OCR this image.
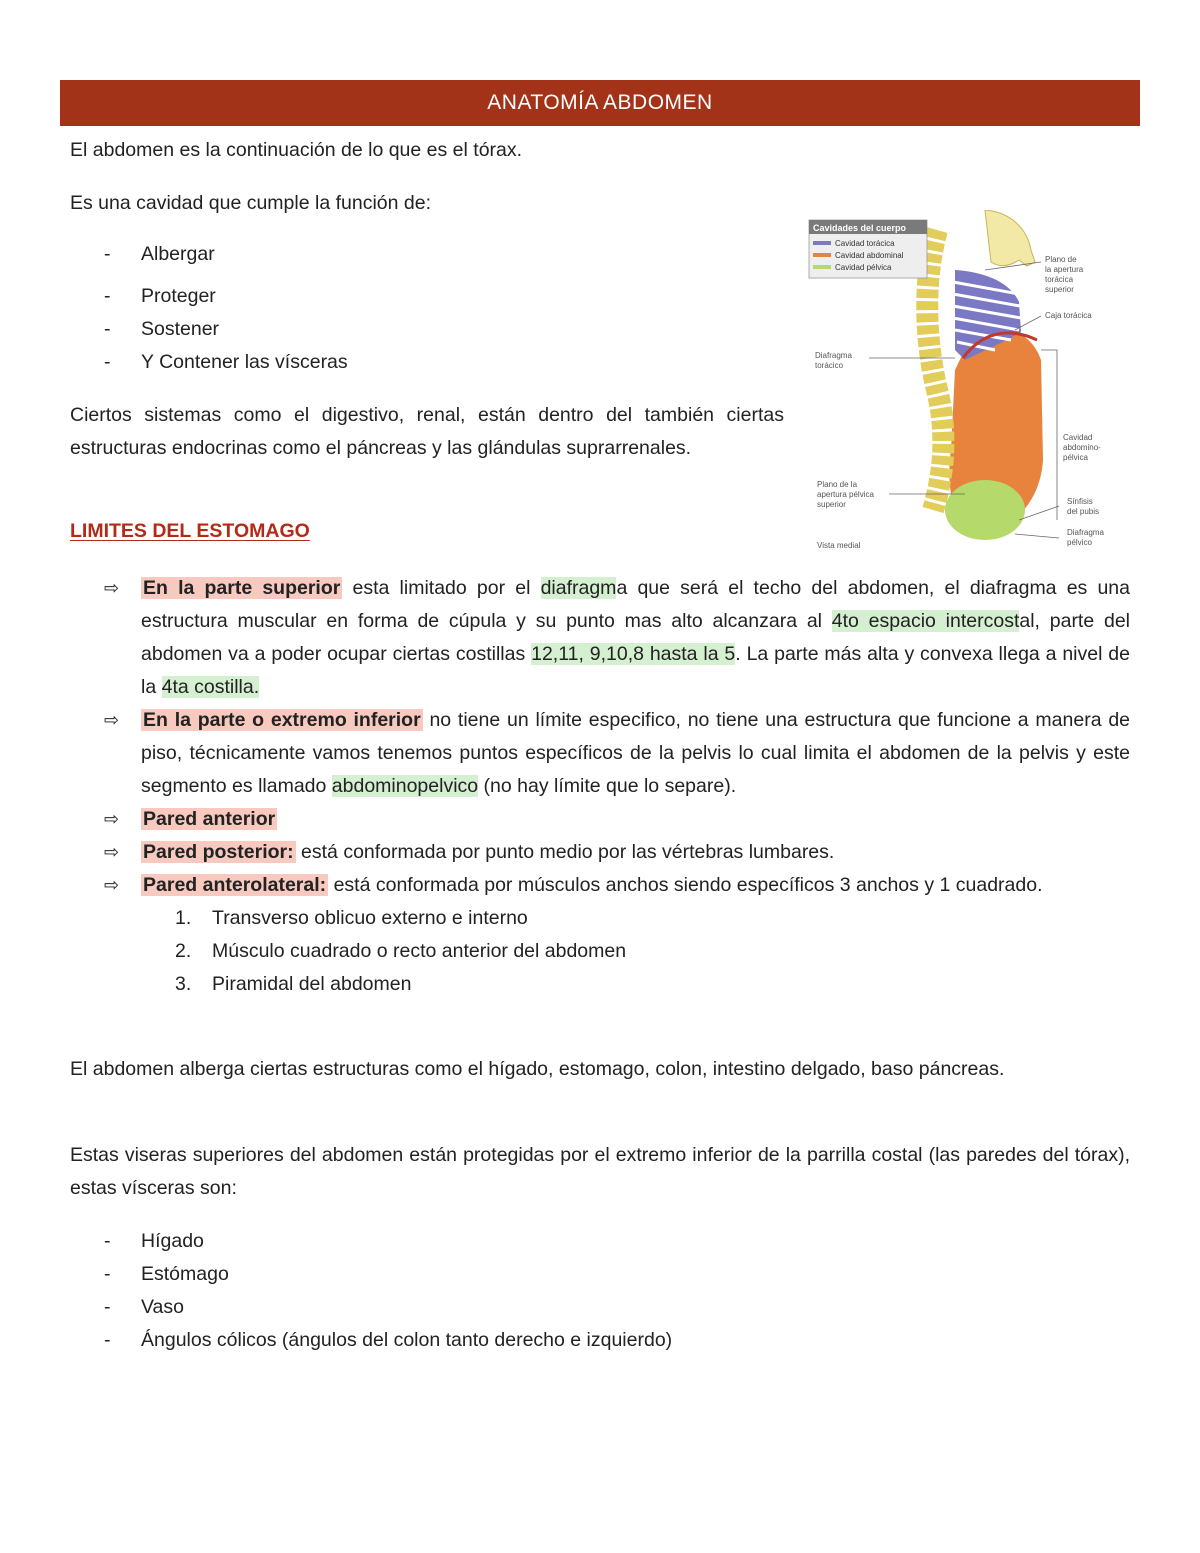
ANATOMÍA ABDOMEN
El abdomen es la continuación de lo que es el tórax.
Es una cavidad que cumple la función de:
- Albergar
- Proteger
- Sostener
- Y Contener las vísceras
Ciertos sistemas como el digestivo, renal, están dentro del también ciertas estructuras endocrinas como el páncreas y las glándulas suprarrenales.
Cavidades del cuerpo
Cavidad torácica
Cavidad abdominal
Cavidad pélvica
Plano de
la apertura
torácica
superior
Caja torácica
Diafragma
torácico
Cavidad
abdomino-
pélvica
Plano de la
apertura pélvica
superior	Sínfisis
del pubis
Diafragma
pélvico
Vista medial
LIMITES DEL ESTOMAGO
⇨ En la parte superior esta limitado por el diafragma que será el techo del abdomen, el diafragma es una estructura muscular en forma de cúpula y su punto mas alto alcanzara al 4to espacio intercostal, parte del abdomen va a poder ocupar ciertas costillas 12,11, 9,10,8 hasta la 5. La parte más alta y convexa llega a nivel de la 4ta costilla.
⇨ En la parte o extremo inferior no tiene un límite especifico, no tiene una estructura que funcione a manera de piso, técnicamente vamos tenemos puntos específicos de la pelvis lo cual limita el abdomen de la pelvis y este segmento es llamado abdominopelvico (no hay límite que lo separe).
⇨ Pared anterior
⇨ Pared posterior: está conformada por punto medio por las vértebras lumbares.
⇨ Pared anterolateral: está conformada por músculos anchos siendo específicos 3 anchos y 1 cuadrado.
1. Transverso oblicuo externo e interno
2. Músculo cuadrado o recto anterior del abdomen
3. Piramidal del abdomen
El abdomen alberga ciertas estructuras como el hígado, estomago, colon, intestino delgado, baso páncreas.
Estas viseras superiores del abdomen están protegidas por el extremo inferior de la parrilla costal (las paredes del tórax), estas vísceras son:
- Hígado
- Estómago
- Vaso
- Ángulos cólicos (ángulos del colon tanto derecho e izquierdo)
